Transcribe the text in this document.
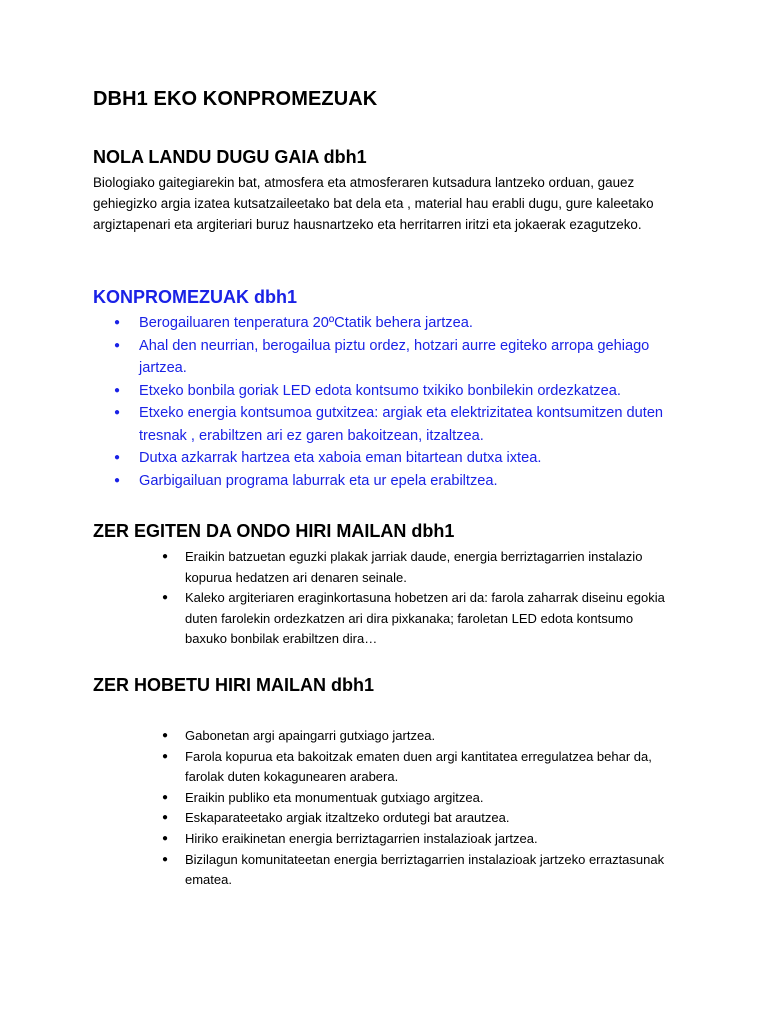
DBH1 EKO KONPROMEZUAK
NOLA LANDU DUGU GAIA dbh1

Biologiako gaitegiarekin bat, atmosfera eta atmosferaren kutsadura lantzeko orduan, gauez gehiegizko argia izatea kutsatzaileetako bat dela eta , material hau erabli dugu, gure kaleetako argiztapenari eta argiteriari buruz hausnartzeko eta herritarren iritzi eta jokaerak ezagutzeko.

KONPROMEZUAK dbh1
● Berogailuaren tenperatura 20ºCtatik behera jartzea.
● Ahal den neurrian, berogailua piztu ordez, hotzari aurre egiteko arropa gehiago jartzea.
● Etxeko bonbila goriak LED edota kontsumo txikiko bonbilekin ordezkatzea.
● Etxeko energia kontsumoa gutxitzea: argiak eta elektrizitatea kontsumitzen duten tresnak , erabiltzen ari ez garen bakoitzean, itzaltzea.
● Dutxa azkarrak hartzea eta xaboia eman bitartean dutxa ixtea.
● Garbigailuan programa laburrak eta ur epela erabiltzea.
ZER EGITEN DA ONDO HIRI MAILAN dbh1
● Eraikin batzuetan eguzki plakak jarriak daude, energia berriztagarrien instalazio kopurua hedatzen ari denaren seinale.
● Kaleko argiteriaren eraginkortasuna hobetzen ari da: farola zaharrak diseinu egokia duten farolekin ordezkatzen ari dira pixkanaka; faroletan LED edota kontsumo baxuko bonbilak erabiltzen dira…
ZER HOBETU HIRI MAILAN dbh1
● Gabonetan argi apaingarri gutxiago jartzea.
● Farola kopurua eta bakoitzak ematen duen argi kantitatea erregulatzea behar da, farolak duten kokagunearen arabera.
● Eraikin publiko eta monumentuak gutxiago argitzea.
● Eskaparateetako argiak itzaltzeko ordutegi bat arautzea.
● Hiriko eraikinetan energia berriztagarrien instalazioak jartzea.
● Bizilagun komunitateetan energia berriztagarrien instalazioak jartzeko erraztasunak ematea.
